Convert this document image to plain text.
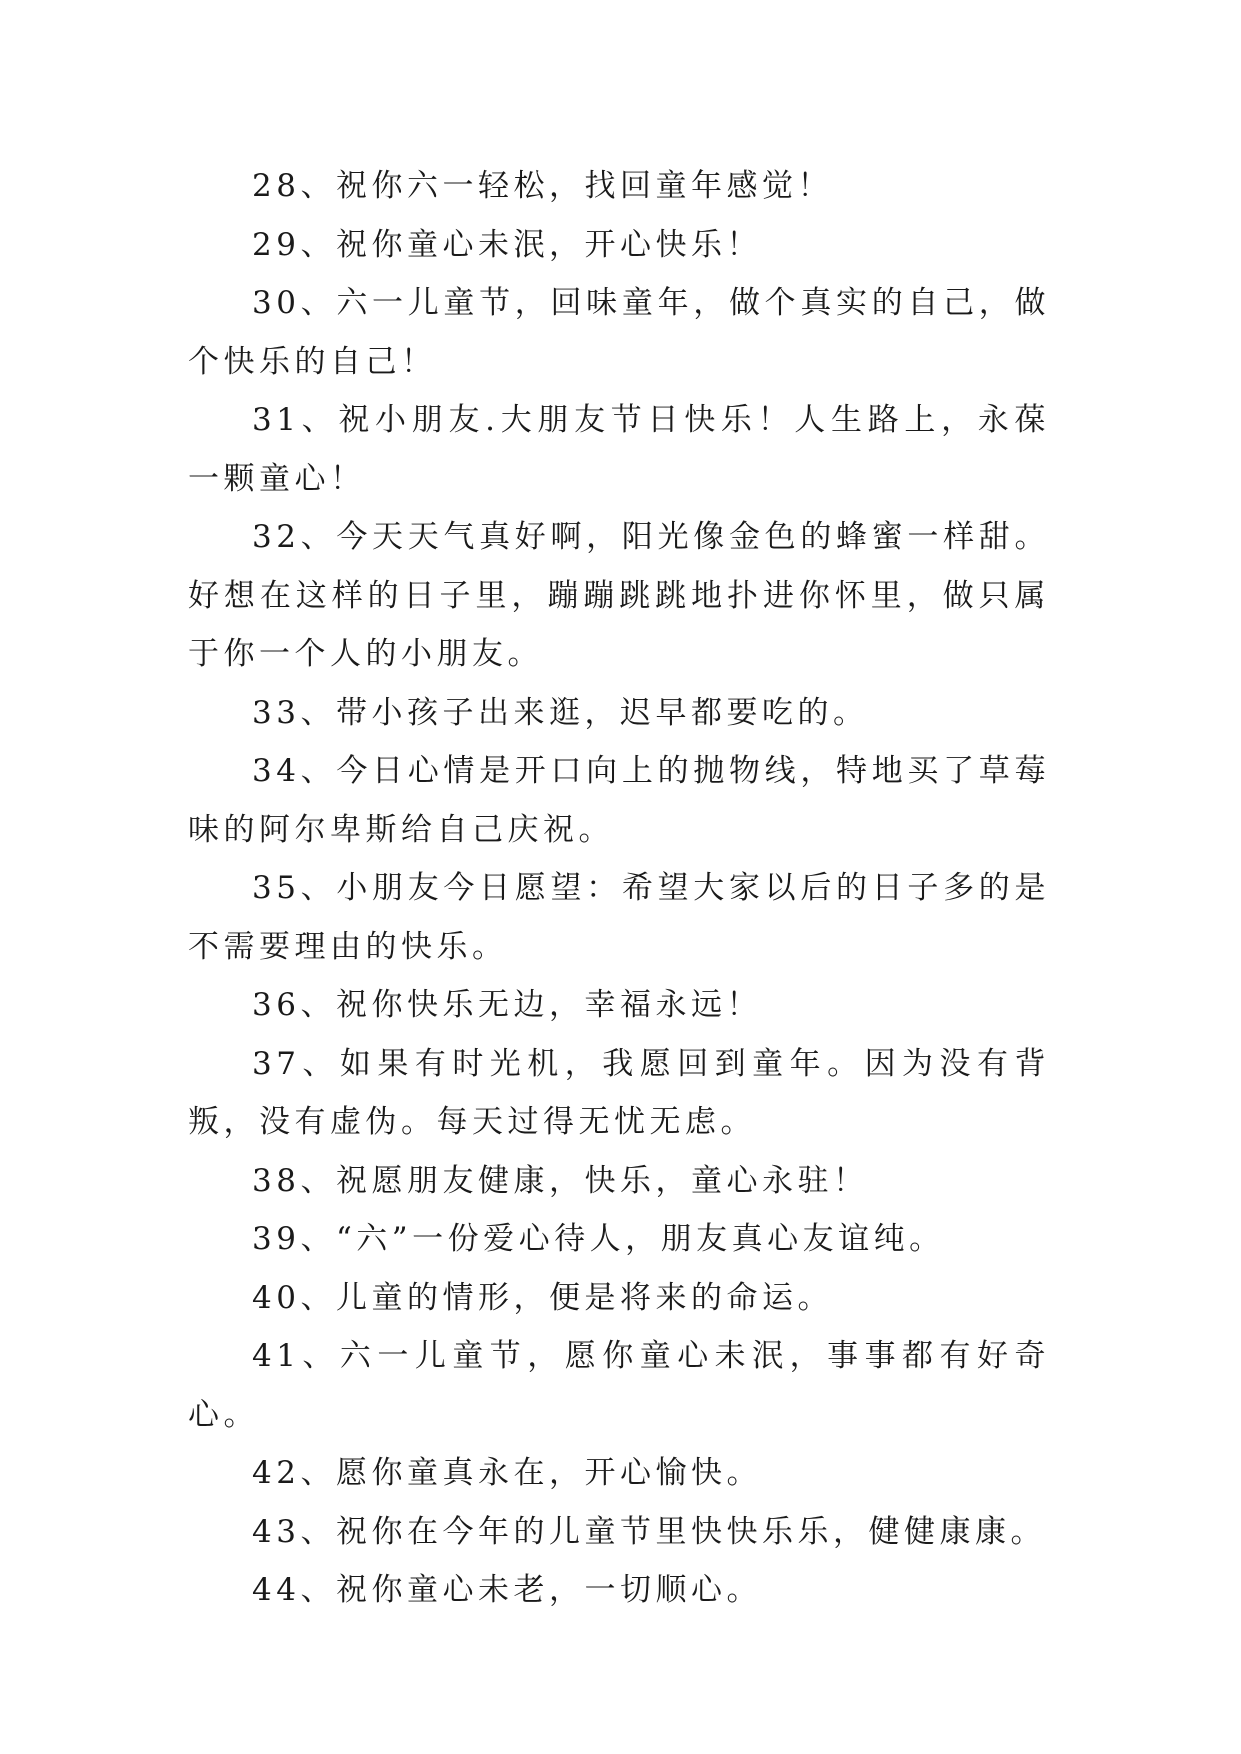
28、祝你六一轻松，找回童年感觉！

29、祝你童心未泯，开心快乐！

30、六一儿童节，回味童年，做个真实的自己，做个快乐的自己！

31、祝小朋友.大朋友节日快乐！人生路上，永葆一颗童心！

32、今天天气真好啊，阳光像金色的蜂蜜一样甜。好想在这样的日子里，蹦蹦跳跳地扑进你怀里，做只属于你一个人的小朋友。

33、带小孩子出来逛，迟早都要吃的。

34、今日心情是开口向上的抛物线，特地买了草莓味的阿尔卑斯给自己庆祝。

35、小朋友今日愿望：希望大家以后的日子多的是不需要理由的快乐。

36、祝你快乐无边，幸福永远！

37、如果有时光机，我愿回到童年。因为没有背叛，没有虚伪。每天过得无忧无虑。

38、祝愿朋友健康，快乐，童心永驻！

39、“六”一份爱心待人，朋友真心友谊纯。

40、儿童的情形，便是将来的命运。

41、六一儿童节，愿你童心未泯，事事都有好奇心。

42、愿你童真永在，开心愉快。

43、祝你在今年的儿童节里快快乐乐，健健康康。

44、祝你童心未老，一切顺心。
